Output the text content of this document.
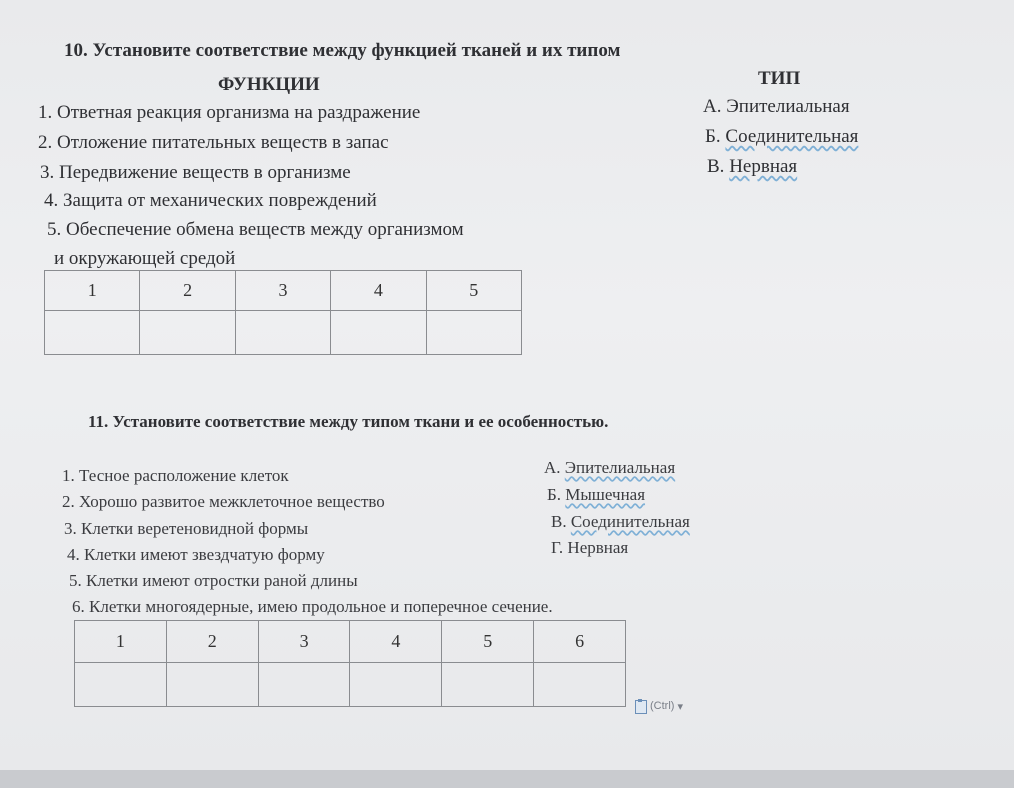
10. Установите соответствие между функцией тканей и их типом
ФУНКЦИИ	ТИП
1. Ответная реакция организма на раздражение
2. Отложение питательных веществ в запас
3. Передвижение веществ в организме
4. Защита от механических повреждений
5. Обеспечение обмена веществ между организмом
и окружающей средой
А. Эпителиальная
Б. Соединительная
В. Нервная
1	2	3	4	5

11. Установите соответствие между типом ткани и ее особенностью.
1. Тесное расположение клеток
2. Хорошо развитое межклеточное вещество
3. Клетки веретеновидной формы
4. Клетки имеют звездчатую форму
5. Клетки имеют отростки раной длины
6. Клетки многоядерные, имею продольное и поперечное сечение.
А. Эпителиальная
Б. Мышечная
В. Соединительная
Г. Нервная
1	2	3	4	5	6

(Ctrl) ▾
